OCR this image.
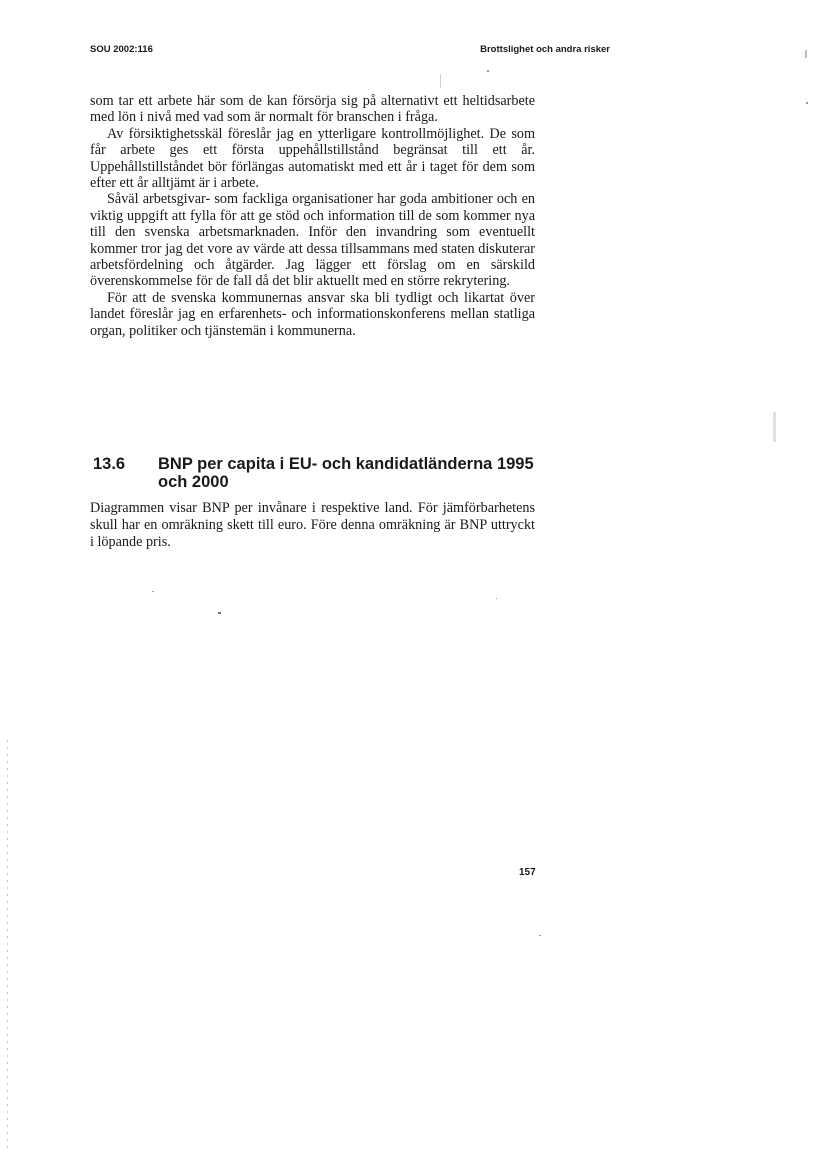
SOU 2002:116	Brottslighet och andra risker

som tar ett arbete här som de kan försörja sig på alternativt ett heltidsarbete med lön i nivå med vad som är normalt för branschen i fråga.

Av försiktighetsskäl föreslår jag en ytterligare kontrollmöjlighet. De som får arbete ges ett första uppehållstillstånd begränsat till ett år. Uppehållstillståndet bör förlängas automatiskt med ett år i taget för dem som efter ett år alltjämt är i arbete.

Såväl arbetsgivar- som fackliga organisationer har goda ambitioner och en viktig uppgift att fylla för att ge stöd och information till de som kommer nya till den svenska arbetsmarknaden. Inför den invandring som eventuellt kommer tror jag det vore av värde att dessa tillsammans med staten diskuterar arbetsfördelning och åtgärder. Jag lägger ett förslag om en särskild överenskommelse för de fall då det blir aktuellt med en större rekrytering.

För att de svenska kommunernas ansvar ska bli tydligt och likartat över landet föreslår jag en erfarenhets- och informationskonferens mellan statliga organ, politiker och tjänstemän i kommunerna.

13.6 BNP per capita i EU- och kandidatländerna 1995 och 2000

Diagrammen visar BNP per invånare i respektive land. För jämförbarhetens skull har en omräkning skett till euro. Före denna omräkning är BNP uttryckt i löpande pris.

157
